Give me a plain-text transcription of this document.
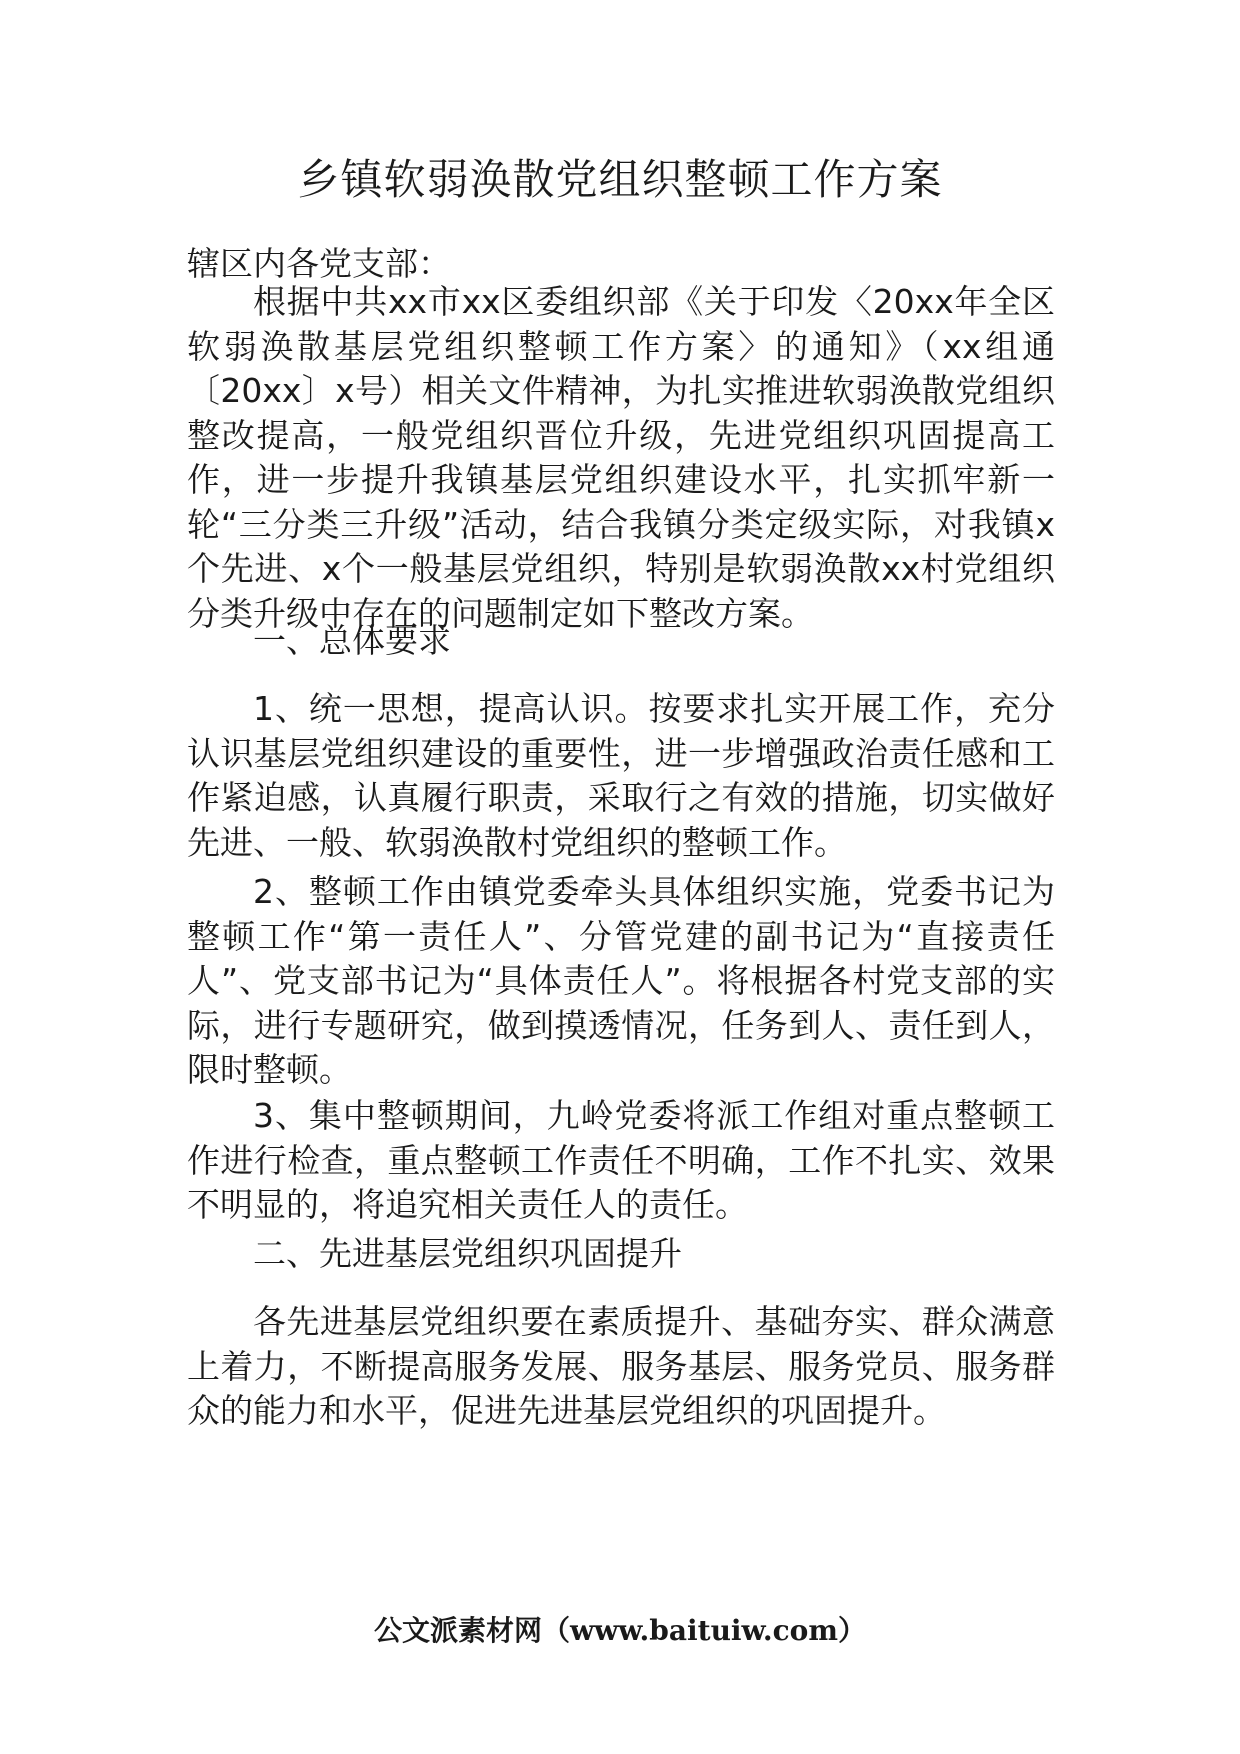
乡镇软弱涣散党组织整顿工作方案

辖区内各党支部：

根据中共xx市xx区委组织部《关于印发〈20xx年全区软弱涣散基层党组织整顿工作方案〉的通知》（xx组通〔20xx〕x号）相关文件精神，为扎实推进软弱涣散党组织整改提高，一般党组织晋位升级，先进党组织巩固提高工作，进一步提升我镇基层党组织建设水平，扎实抓牢新一轮“三分类三升级”活动，结合我镇分类定级实际，对我镇x个先进、x个一般基层党组织，特别是软弱涣散xx村党组织分类升级中存在的问题制定如下整改方案。

一、总体要求

1、统一思想，提高认识。按要求扎实开展工作，充分认识基层党组织建设的重要性，进一步增强政治责任感和工作紧迫感，认真履行职责，采取行之有效的措施，切实做好先进、一般、软弱涣散村党组织的整顿工作。

2、整顿工作由镇党委牵头具体组织实施，党委书记为整顿工作“第一责任人”、分管党建的副书记为“直接责任人”、党支部书记为“具体责任人”。将根据各村党支部的实际，进行专题研究，做到摸透情况，任务到人、责任到人，限时整顿。

3、集中整顿期间，九岭党委将派工作组对重点整顿工作进行检查，重点整顿工作责任不明确，工作不扎实、效果不明显的，将追究相关责任人的责任。

二、先进基层党组织巩固提升

各先进基层党组织要在素质提升、基础夯实、群众满意上着力，不断提高服务发展、服务基层、服务党员、服务群众的能力和水平，促进先进基层党组织的巩固提升。

公文派素材网（www.baituiw.com）
